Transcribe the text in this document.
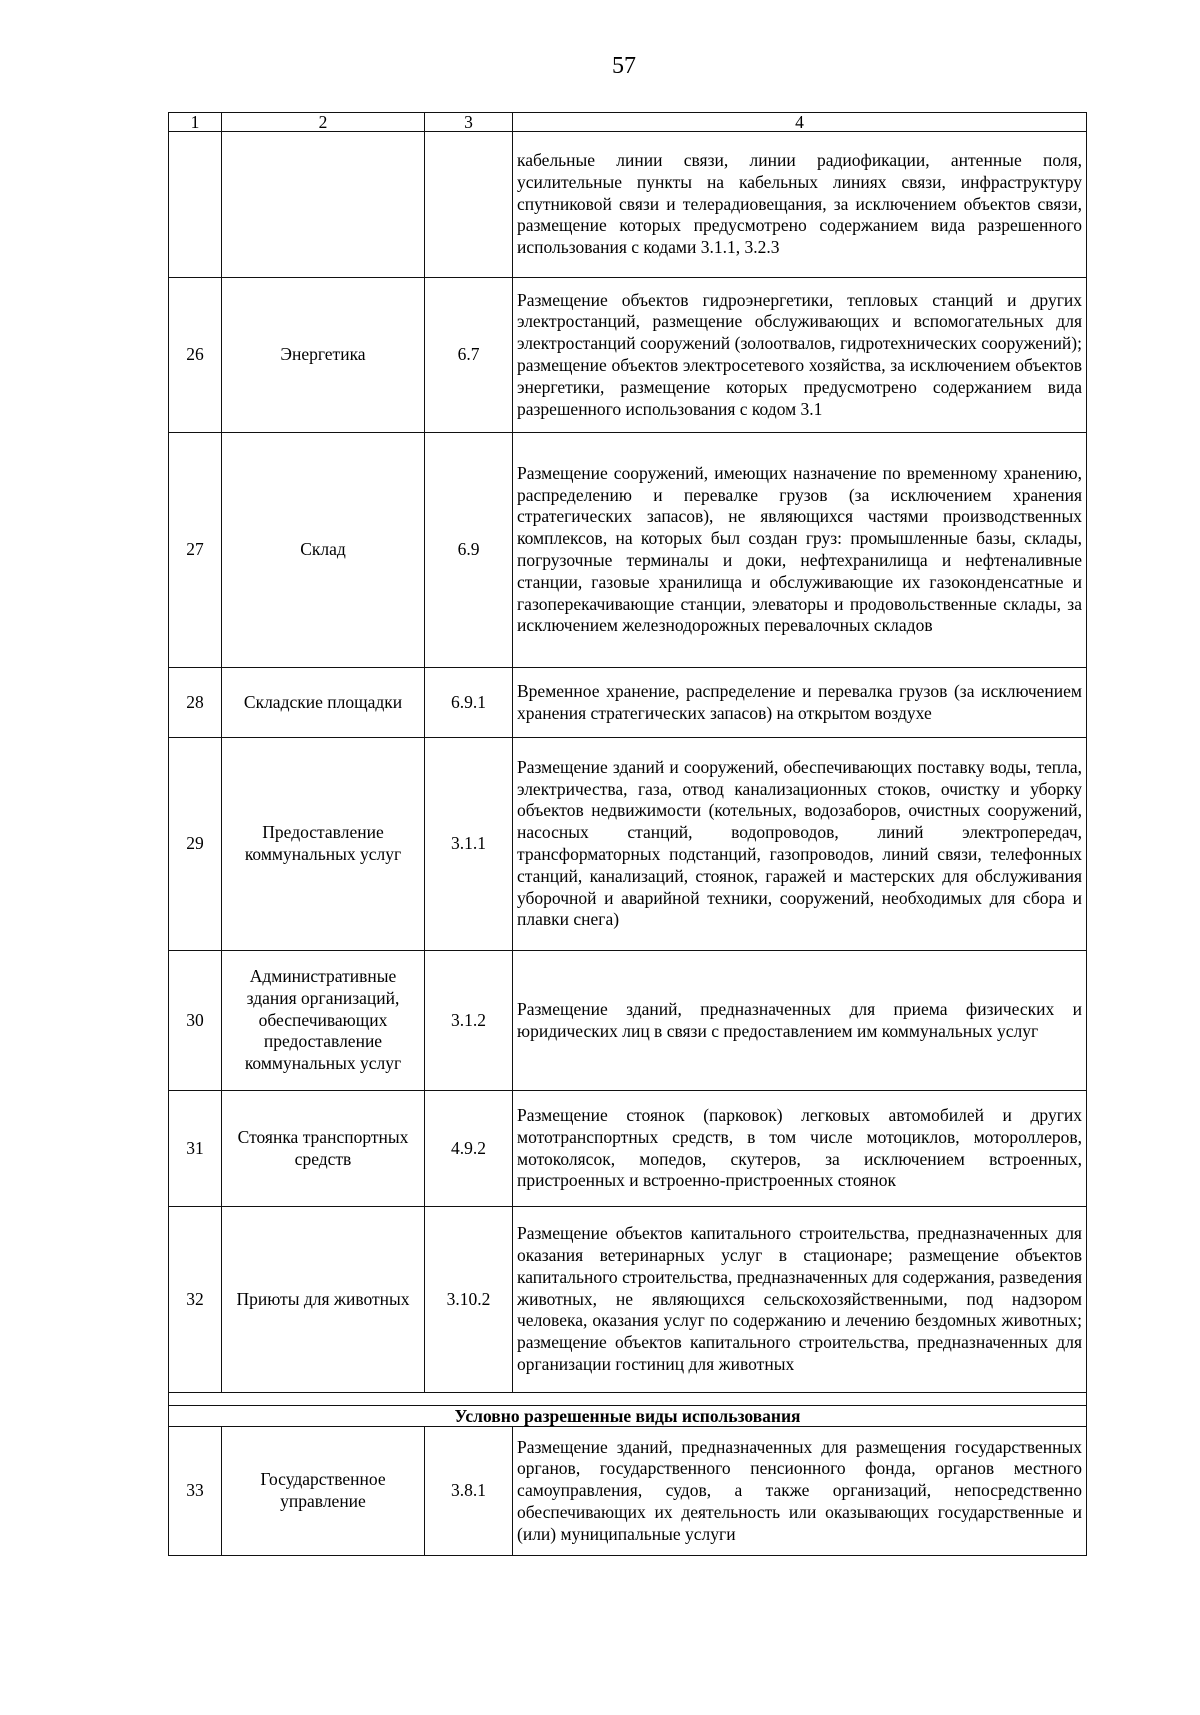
57
1	2	3	4
			кабельные линии связи, линии радиофикации, антенные поля, усилительные пункты на кабельных линиях связи, инфраструктуру спутниковой связи и телерадиовещания, за исключением объектов связи, размещение которых предусмотрено содержанием вида разрешенного использования с кодами 3.1.1, 3.2.3
26	Энергетика	6.7	Размещение объектов гидроэнергетики, тепловых станций и других электростанций, размещение обслуживающих и вспомогательных для электростанций сооружений (золоотвалов, гидротехнических сооружений); размещение объектов электросетевого хозяйства, за исключением объектов энергетики, размещение которых предусмотрено содержанием вида разрешенного использования с кодом 3.1
27	Склад	6.9	Размещение сооружений, имеющих назначение по временному хранению, распределению и перевалке грузов (за исключением хранения стратегических запасов), не являющихся частями производственных комплексов, на которых был создан груз: промышленные базы, склады, погрузочные терминалы и доки, нефтехранилища и нефтеналивные станции, газовые хранилища и обслуживающие их газоконденсатные и газоперекачивающие станции, элеваторы и продовольственные склады, за исключением железнодорожных перевалочных складов
28	Складские площадки	6.9.1	Временное хранение, распределение и перевалка грузов (за исключением хранения стратегических запасов) на открытом воздухе
29	Предоставление коммунальных услуг	3.1.1	Размещение зданий и сооружений, обеспечивающих поставку воды, тепла, электричества, газа, отвод канализационных стоков, очистку и уборку объектов недвижимости (котельных, водозаборов, очистных сооружений, насосных станций, водопроводов, линий электропередач, трансформаторных подстанций, газопроводов, линий связи, телефонных станций, канализаций, стоянок, гаражей и мастерских для обслуживания уборочной и аварийной техники, сооружений, необходимых для сбора и плавки снега)
30	Административные здания организаций, обеспечивающих предоставление коммунальных услуг	3.1.2	Размещение зданий, предназначенных для приема физических и юридических лиц в связи с предоставлением им коммунальных услуг
31	Стоянка транспортных средств	4.9.2	Размещение стоянок (парковок) легковых автомобилей и других мототранспортных средств, в том числе мотоциклов, мотороллеров, мотоколясок, мопедов, скутеров, за исключением встроенных, пристроенных и встроенно-пристроенных стоянок
32	Приюты для животных	3.10.2	Размещение объектов капитального строительства, предназначенных для оказания ветеринарных услуг в стационаре; размещение объектов капитального строительства, предназначенных для содержания, разведения животных, не являющихся сельскохозяйственными, под надзором человека, оказания услуг по содержанию и лечению бездомных животных; размещение объектов капитального строительства, предназначенных для организации гостиниц для животных

Условно разрешенные виды использования			
33	Государственное управление	3.8.1	Размещение зданий, предназначенных для размещения государственных органов, государственного пенсионного фонда, органов местного самоуправления, судов, а также организаций, непосредственно обеспечивающих их деятельность или оказывающих государственные и (или) муниципальные услуги
